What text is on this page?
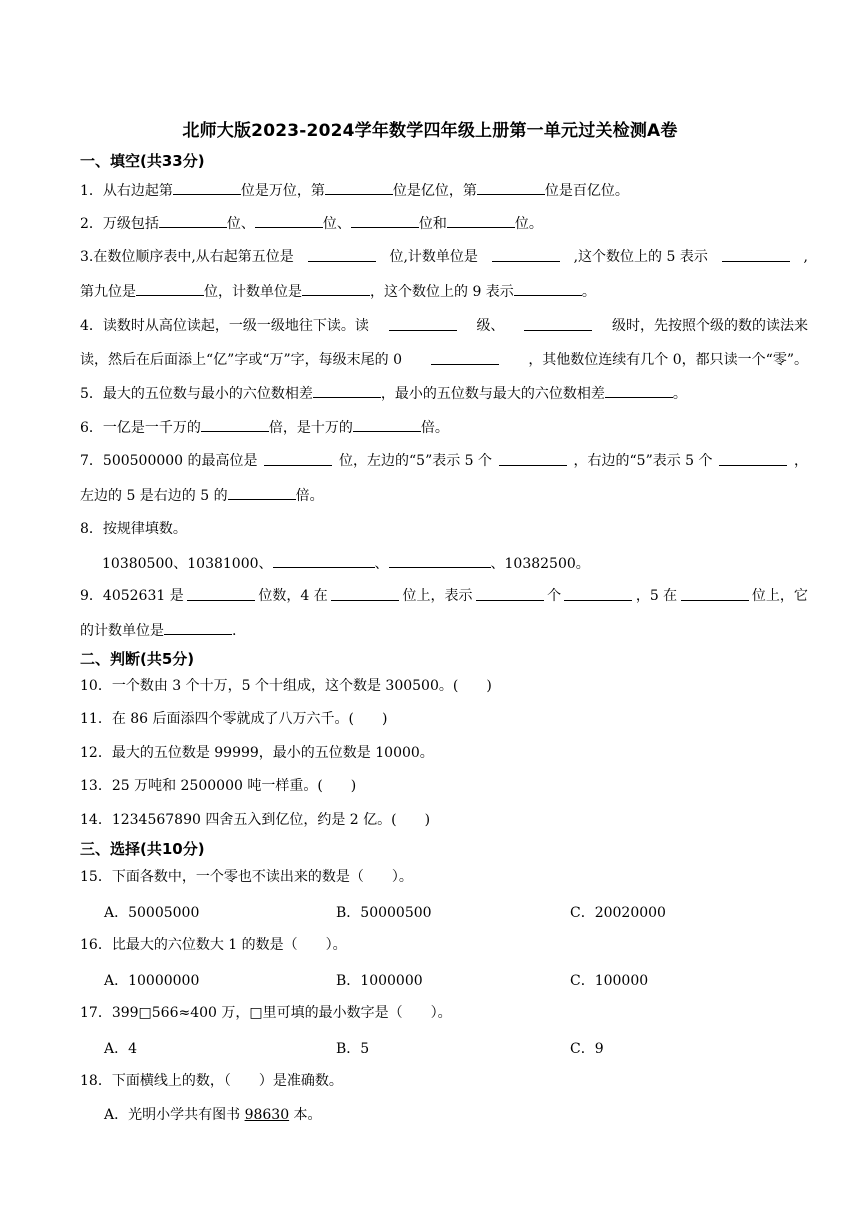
北师大版2023-2024学年数学四年级上册第一单元过关检测A卷
一、填空(共33分)
1．从右边起第	位是万位，第	位是亿位，第	位是百亿位。
2．万级包括	位、	位、	位和	位。
3.在数位顺序表中,从右起第五位是	位,计数单位是	,这个数位上的 5 表示	,
第九位是	位，计数单位是	，这个数位上的 9 表示	。
4．读数时从高位读起，一级一级地往下读。读	级、	级时，先按照个级的数的读法来
读，然后在后面添上“亿”字或“万”字，每级末尾的 0	，其他数位连续有几个 0，都只读一个“零”。
5．最大的五位数与最小的六位数相差	，最小的五位数与最大的六位数相差	。
6．一亿是一千万的	倍，是十万的	倍。
7．500500000 的最高位是	位，左边的“5”表示 5 个	，右边的“5”表示 5 个	，
左边的 5 是右边的 5 的	倍。
8．按规律填数。
10380500、10381000、	、	、10382500。
9．4052631 是	位数，4 在	位上，表示	个	，5 在	位上，它
的计数单位是	.
二、判断(共5分)
10．一个数由 3 个十万，5 个十组成，这个数是 300500。(　　)
11．在 86 后面添四个零就成了八万六千。(　　)
12．最大的五位数是 99999，最小的五位数是 10000。
13．25 万吨和 2500000 吨一样重。(　　)
14．1234567890 四舍五入到亿位，约是 2 亿。(　　)
三、选择(共10分)
15．下面各数中，一个零也不读出来的数是（　　）。
A．50005000	B．50000500	C．20020000
16．比最大的六位数大 1 的数是（　　）。
A．10000000	B．1000000	C．100000
17．399□566≈400 万，□里可填的最小数字是（　　）。
A．4	B．5	C．9
18．下面横线上的数，（　　）是准确数。
A．光明小学共有图书 98630 本。
